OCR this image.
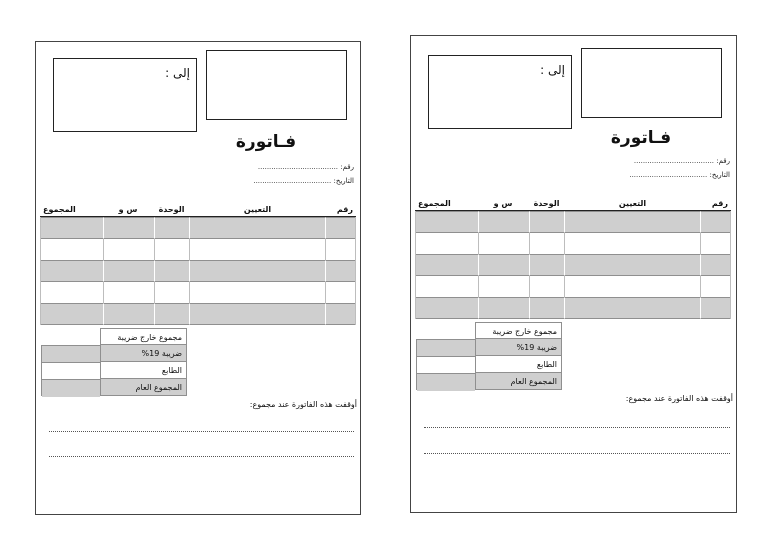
إلى :
فـاتورة
رقم: ....................................
التاريخ: ...................................
رقم
التعيين
الوحدة
س و
المجموع
مجموع خارج ضريبة
ضريبة 19%
الطابع
المجموع العام
أوقفت هذه الفاتورة عند مجموع:
إلى :
فـاتورة
رقم: ....................................
التاريخ: ...................................
رقم
التعيين
الوحدة
س و
المجموع
مجموع خارج ضريبة
ضريبة 19%
الطابع
المجموع العام
أوقفت هذه الفاتورة عند مجموع:
